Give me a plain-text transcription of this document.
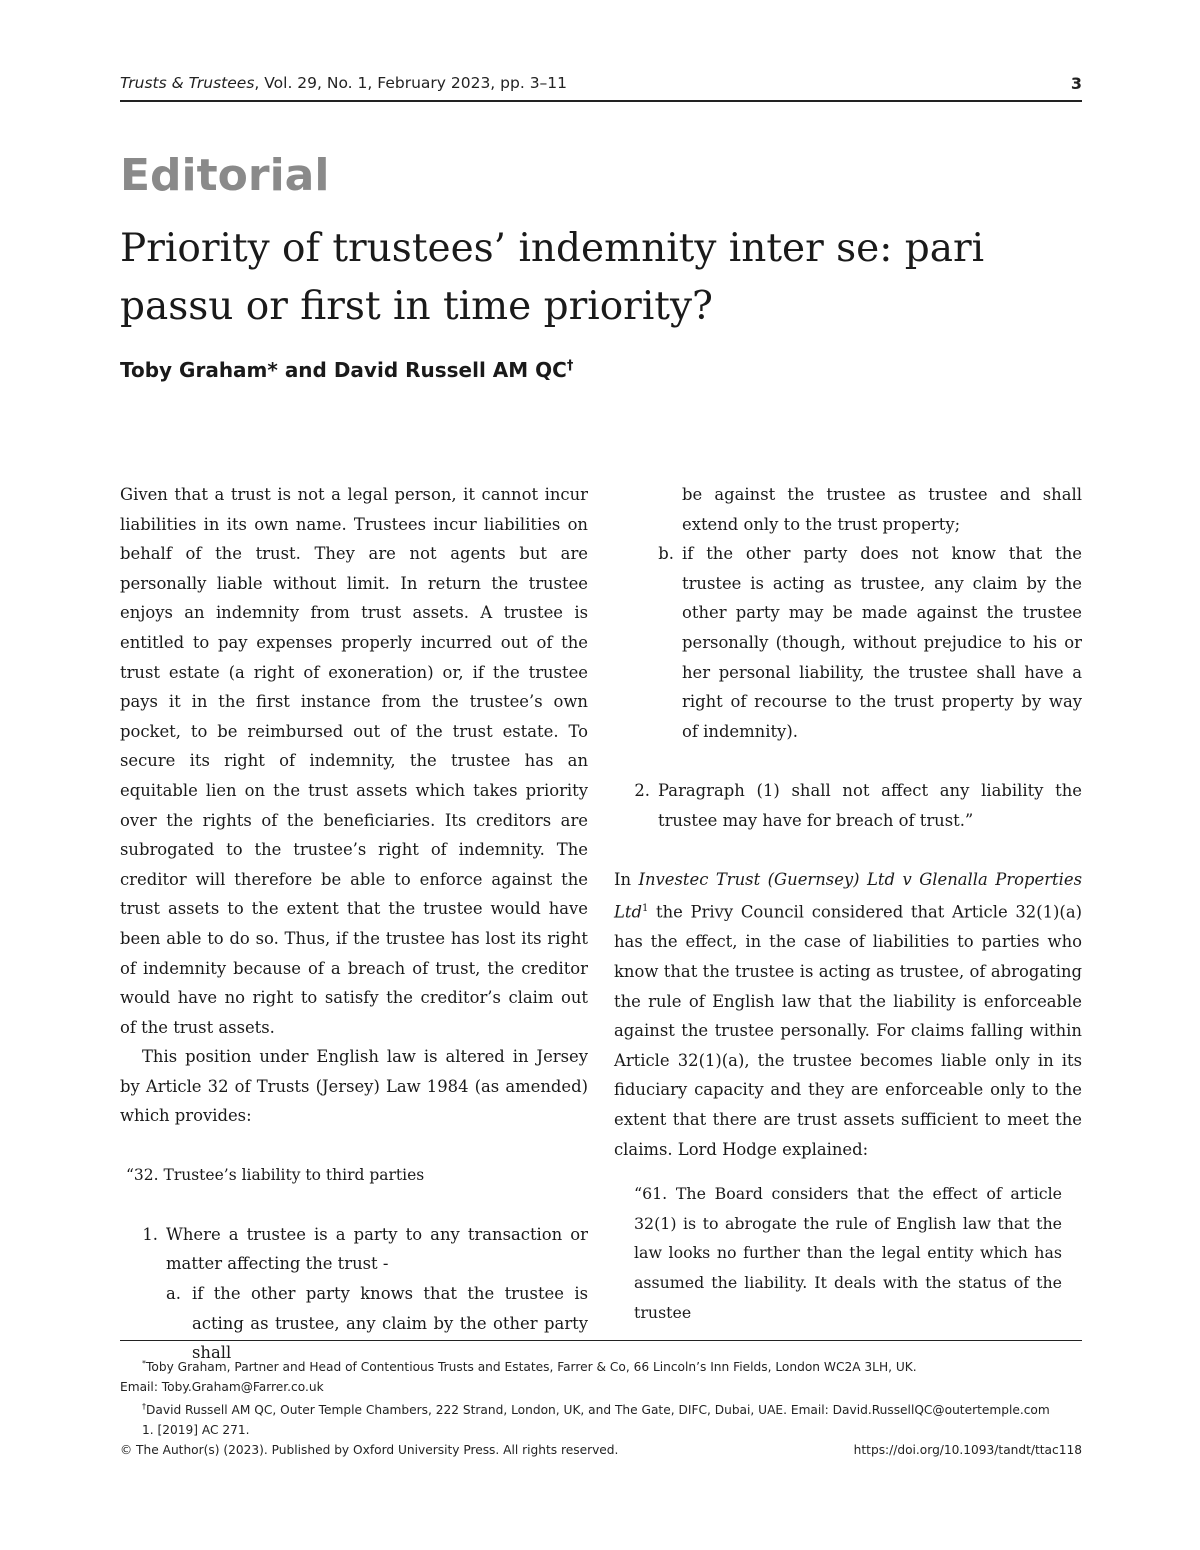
Trusts & Trustees, Vol. 29, No. 1, February 2023, pp. 3–11	3
Editorial
Priority of trustees’ indemnity inter se: pari passu or first in time priority?
Toby Graham* and David Russell AM QC†

Given that a trust is not a legal person, it cannot incur liabilities in its own name. Trustees incur liabilities on behalf of the trust. They are not agents but are personally liable without limit. In return the trustee enjoys an indemnity from trust assets. A trustee is entitled to pay expenses properly incurred out of the trust estate (a right of exoneration) or, if the trustee pays it in the first instance from the trustee’s own pocket, to be reimbursed out of the trust estate. To secure its right of indemnity, the trustee has an equitable lien on the trust assets which takes priority over the rights of the beneficiaries. Its creditors are subrogated to the trustee’s right of indemnity. The creditor will therefore be able to enforce against the trust assets to the extent that the trustee would have been able to do so. Thus, if the trustee has lost its right of indemnity because of a breach of trust, the creditor would have no right to satisfy the creditor’s claim out of the trust assets.

This position under English law is altered in Jersey by Article 32 of Trusts (Jersey) Law 1984 (as amended) which provides:

“32. Trustee’s liability to third parties

1. Where a trustee is a party to any transaction or matter affecting the trust -
a. if the other party knows that the trustee is acting as trustee, any claim by the other party shall

be against the trustee as trustee and shall extend only to the trust property;

b. if the other party does not know that the trustee is acting as trustee, any claim by the other party may be made against the trustee personally (though, without prejudice to his or her personal liability, the trustee shall have a right of recourse to the trust property by way of indemnity).
2. Paragraph (1) shall not affect any liability the trustee may have for breach of trust.”

In Investec Trust (Guernsey) Ltd v Glenalla Properties Ltd$^1$ the Privy Council considered that Article 32(1)(a) has the effect, in the case of liabilities to parties who know that the trustee is acting as trustee, of abrogating the rule of English law that the liability is enforceable against the trustee personally. For claims falling within Article 32(1)(a), the trustee becomes liable only in its fiduciary capacity and they are enforceable only to the extent that there are trust assets sufficient to meet the claims. Lord Hodge explained:

“61. The Board considers that the effect of article 32(1) is to abrogate the rule of English law that the law looks no further than the legal entity which has assumed the liability. It deals with the status of the trustee

*Toby Graham, Partner and Head of Contentious Trusts and Estates, Farrer & Co, 66 Lincoln’s Inn Fields, London WC2A 3LH, UK.

Email: Toby.Graham@Farrer.co.uk

†David Russell AM QC, Outer Temple Chambers, 222 Strand, London, UK, and The Gate, DIFC, Dubai, UAE. Email: David.RussellQC@outertemple.com

1. [2019] AC 271.

© The Author(s) (2023). Published by Oxford University Press. All rights reserved.	https://doi.org/10.1093/tandt/ttac118
